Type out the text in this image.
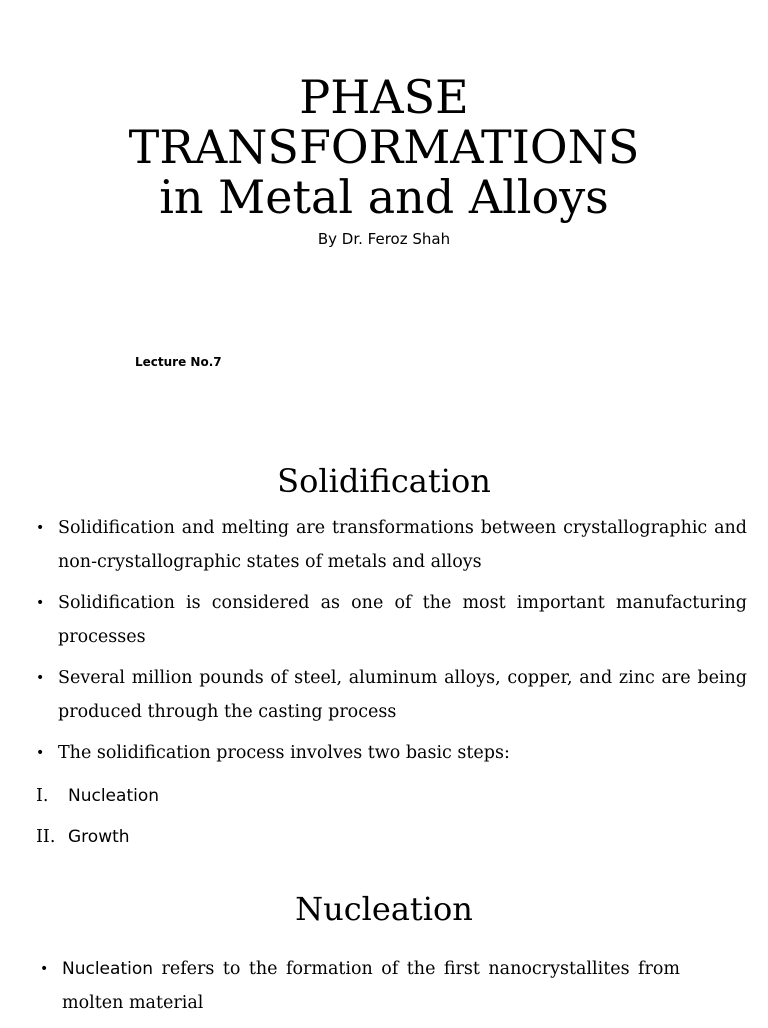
PHASE
TRANSFORMATIONS
in Metal and Alloys
By Dr. Feroz Shah
Lecture No.7
Solidification
• Solidification and melting are transformations between crystallographic and non-crystallographic states of metals and alloys
• Solidification is considered as one of the most important manufacturing processes
• Several million pounds of steel, aluminum alloys, copper, and zinc are being produced through the casting process
• The solidification process involves two basic steps:
I. Nucleation
II. Growth
Nucleation
• Nucleation refers to the formation of the first nanocrystallites from molten material
